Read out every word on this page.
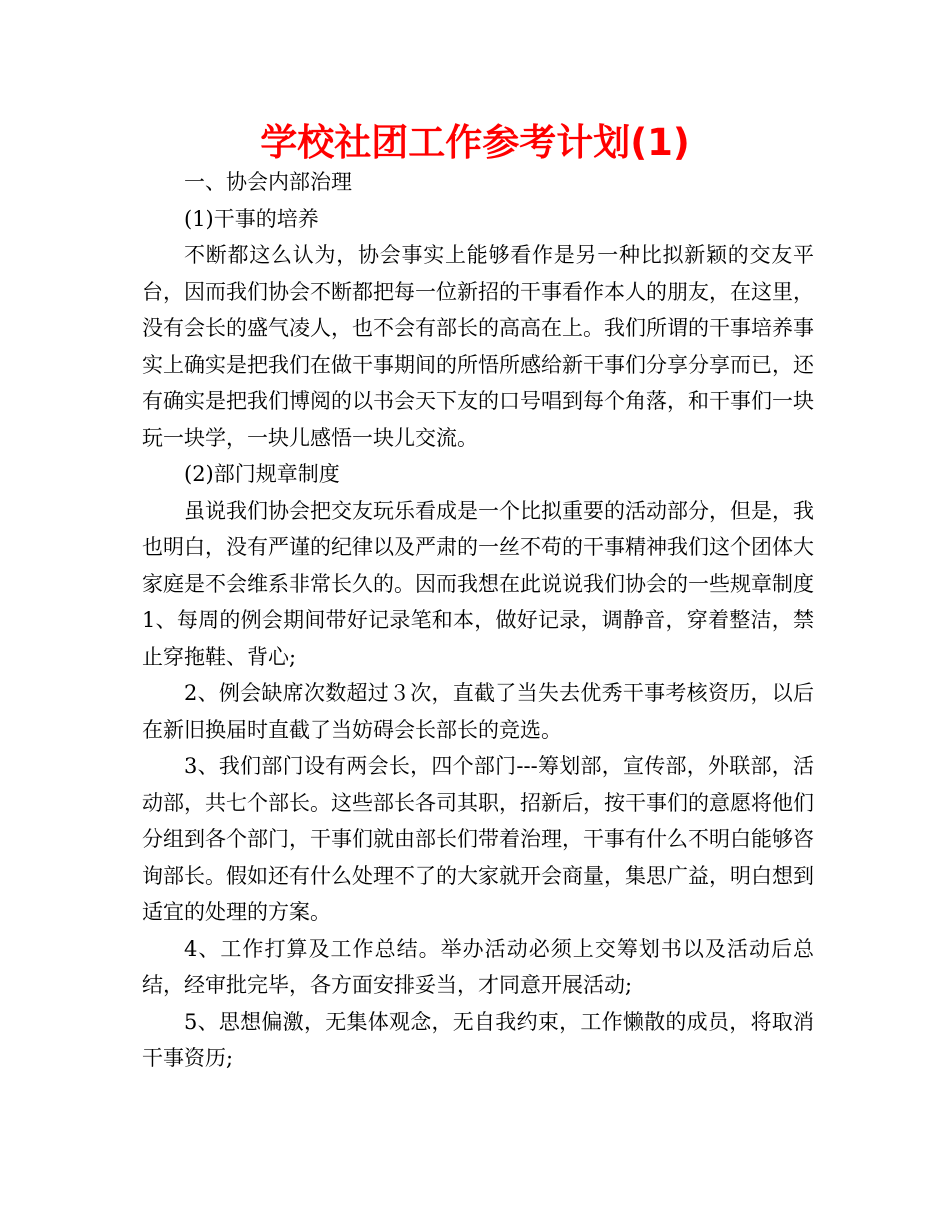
学校社团工作参考计划(1)

一、协会内部治理

(1)干事的培养

不断都这么认为，协会事实上能够看作是另一种比拟新颖的交友平台，因而我们协会不断都把每一位新招的干事看作本人的朋友，在这里，没有会长的盛气凌人，也不会有部长的高高在上。我们所谓的干事培养事实上确实是把我们在做干事期间的所悟所感给新干事们分享分享而已，还有确实是把我们博阅的以书会天下友的口号唱到每个角落，和干事们一块玩一块学，一块儿感悟一块儿交流。

(2)部门规章制度

虽说我们协会把交友玩乐看成是一个比拟重要的活动部分，但是，我也明白，没有严谨的纪律以及严肃的一丝不苟的干事精神我们这个团体大家庭是不会维系非常长久的。因而我想在此说说我们协会的一些规章制度　　 1、每周的例会期间带好记录笔和本，做好记录，调静音，穿着整洁，禁止穿拖鞋、背心;

2、例会缺席次数超过３次，直截了当失去优秀干事考核资历，以后在新旧换届时直截了当妨碍会长部长的竞选。

3、我们部门设有两会长，四个部门---筹划部，宣传部，外联部，活动部，共七个部长。这些部长各司其职，招新后，按干事们的意愿将他们分组到各个部门，干事们就由部长们带着治理，干事有什么不明白能够咨询部长。假如还有什么处理不了的大家就开会商量，集思广益，明白想到适宜的处理的方案。

4、工作打算及工作总结。举办活动必须上交筹划书以及活动后总结，经审批完毕，各方面安排妥当，才同意开展活动;

5、思想偏激，无集体观念，无自我约束，工作懒散的成员，将取消干事资历;
